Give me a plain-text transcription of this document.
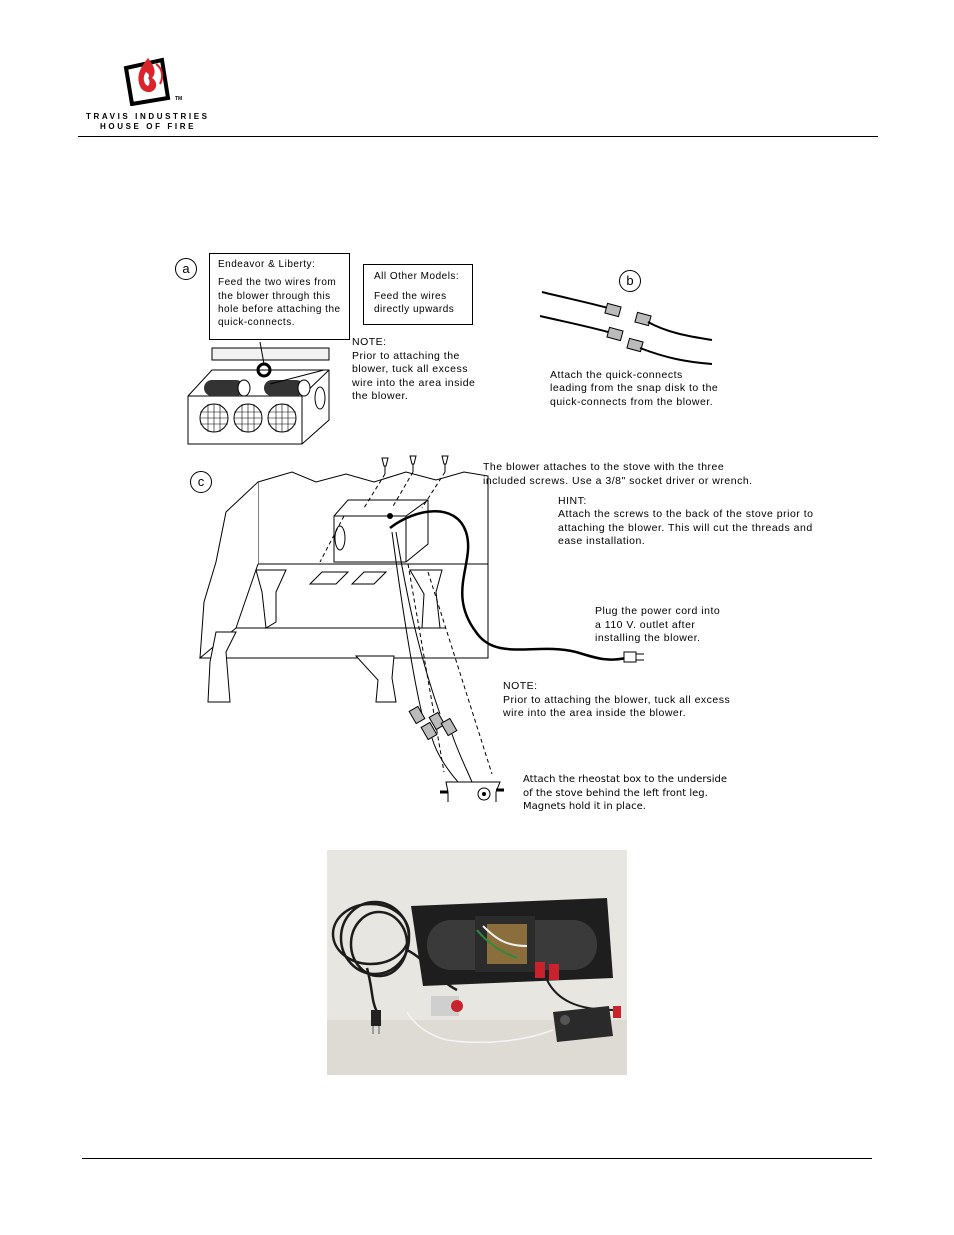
TM
TRAVIS INDUSTRIES
HOUSE OF FIRE
a	Endeavor & Liberty:
Feed the two wires from
the blower through this
hole before attaching the
quick-connects.
All Other Models:
Feed the wires
directly upwards
NOTE:
Prior to attaching the
blower, tuck all excess
wire into the area inside
the blower.
b
Attach the quick-connects
leading from the snap disk to the
quick-connects from the blower.
c
The blower attaches to the stove with the three
included screws. Use a 3/8" socket driver or wrench.
HINT:
Attach the screws to the back of the stove prior to
attaching the blower. This will cut the threads and
ease installation.
Plug the power cord into
a 110 V. outlet after
installing the blower.
NOTE:
Prior to attaching the blower, tuck all excess
wire into the area inside the blower.
Attach the rheostat box to the underside
of the stove behind the left front leg.
Magnets hold it in place.
